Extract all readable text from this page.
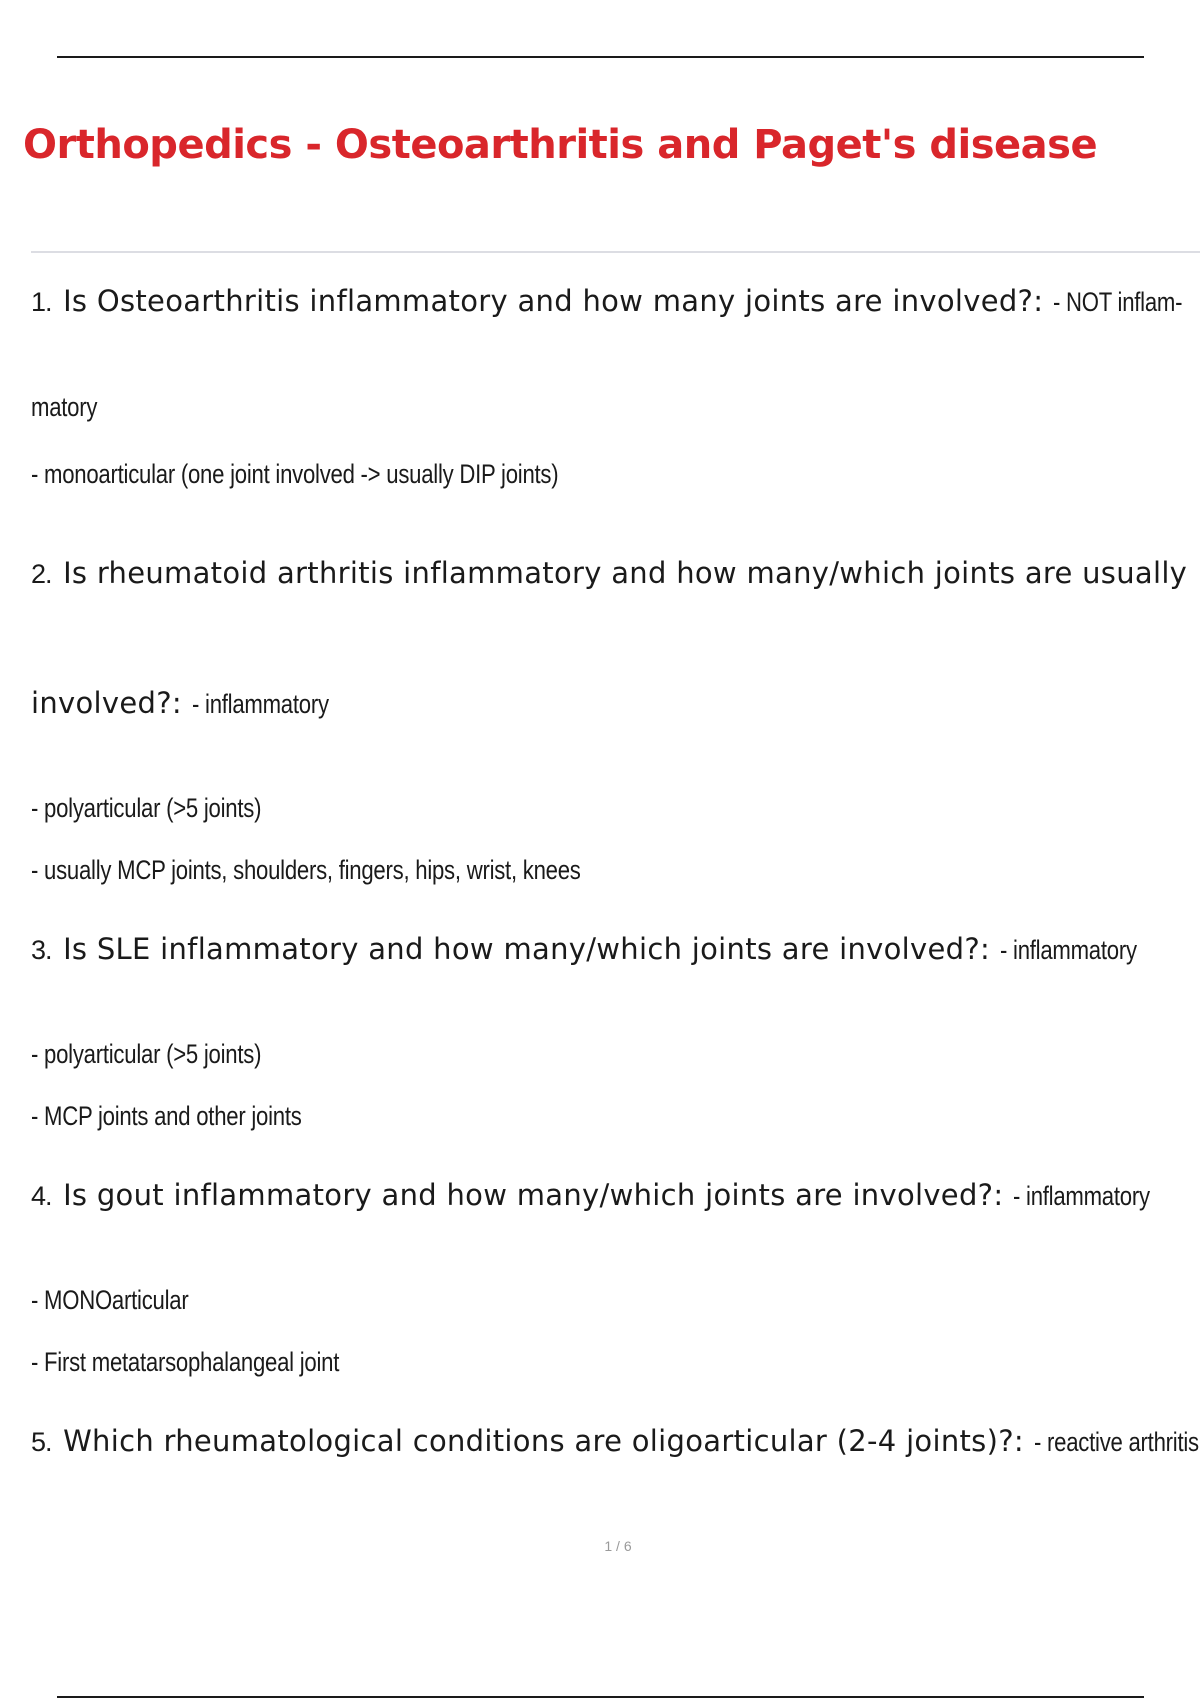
Orthopedics - Osteoarthritis and Paget's disease
1. Is Osteoarthritis inflammatory and how many joints are involved?: - NOT inflam-
matory
- monoarticular (one joint involved -> usually DIP joints)
2. Is rheumatoid arthritis inflammatory and how many/which joints are usually
involved?: - inflammatory
- polyarticular (>5 joints)
- usually MCP joints, shoulders, fingers, hips, wrist, knees
3. Is SLE inflammatory and how many/which joints are involved?: - inflammatory
- polyarticular (>5 joints)
- MCP joints and other joints
4. Is gout inflammatory and how many/which joints are involved?: - inflammatory
- MONOarticular
- First metatarsophalangeal joint
5. Which rheumatological conditions are oligoarticular (2-4 joints)?: - reactive arthritis
1 / 6
